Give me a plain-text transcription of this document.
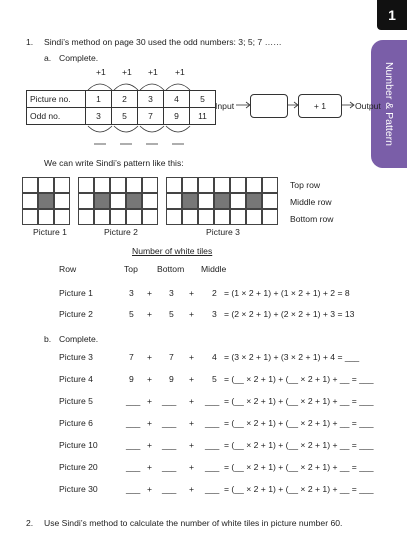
1
Number & Pattern
1. Sindi’s method on page 30 used the odd numbers: 3; 5; 7 ……
a. Complete.
+1 +1 +1 +1
Picture no.	1	2	3	4	5
Odd no.	3	5	7	9	11
Input	+ 1	Output
We can write Sindi’s pattern like this:
Picture 1	Picture 2	Picture 3
Top row
Middle row
Bottom row
Number of white tiles
Row	Top Bottom Middle
Picture 1	3 + 3 + 2 = (1 × 2 + 1) + (1 × 2 + 1) + 2 = 8
Picture 2	5 + 5 + 3 = (2 × 2 + 1) + (2 × 2 + 1) + 3 = 13
b. Complete.
Picture 3	7 + 7 + 4 = (3 × 2 + 1) + (3 × 2 + 1) + 4 = ___
Picture 4	9 + 9 + 5 = (__ × 2 + 1) + (__ × 2 + 1) + __ = ___
Picture 5	___ + ___ + ___ = (__ × 2 + 1) + (__ × 2 + 1) + __ = ___
Picture 6	___ + ___ + ___ = (__ × 2 + 1) + (__ × 2 + 1) + __ = ___
Picture 10	___ + ___ + ___ = (__ × 2 + 1) + (__ × 2 + 1) + __ = ___
Picture 20	___ + ___ + ___ = (__ × 2 + 1) + (__ × 2 + 1) + __ = ___
Picture 30	___ + ___ + ___ = (__ × 2 + 1) + (__ × 2 + 1) + __ = ___
2. Use Sindi’s method to calculate the number of white tiles in picture number 60.
